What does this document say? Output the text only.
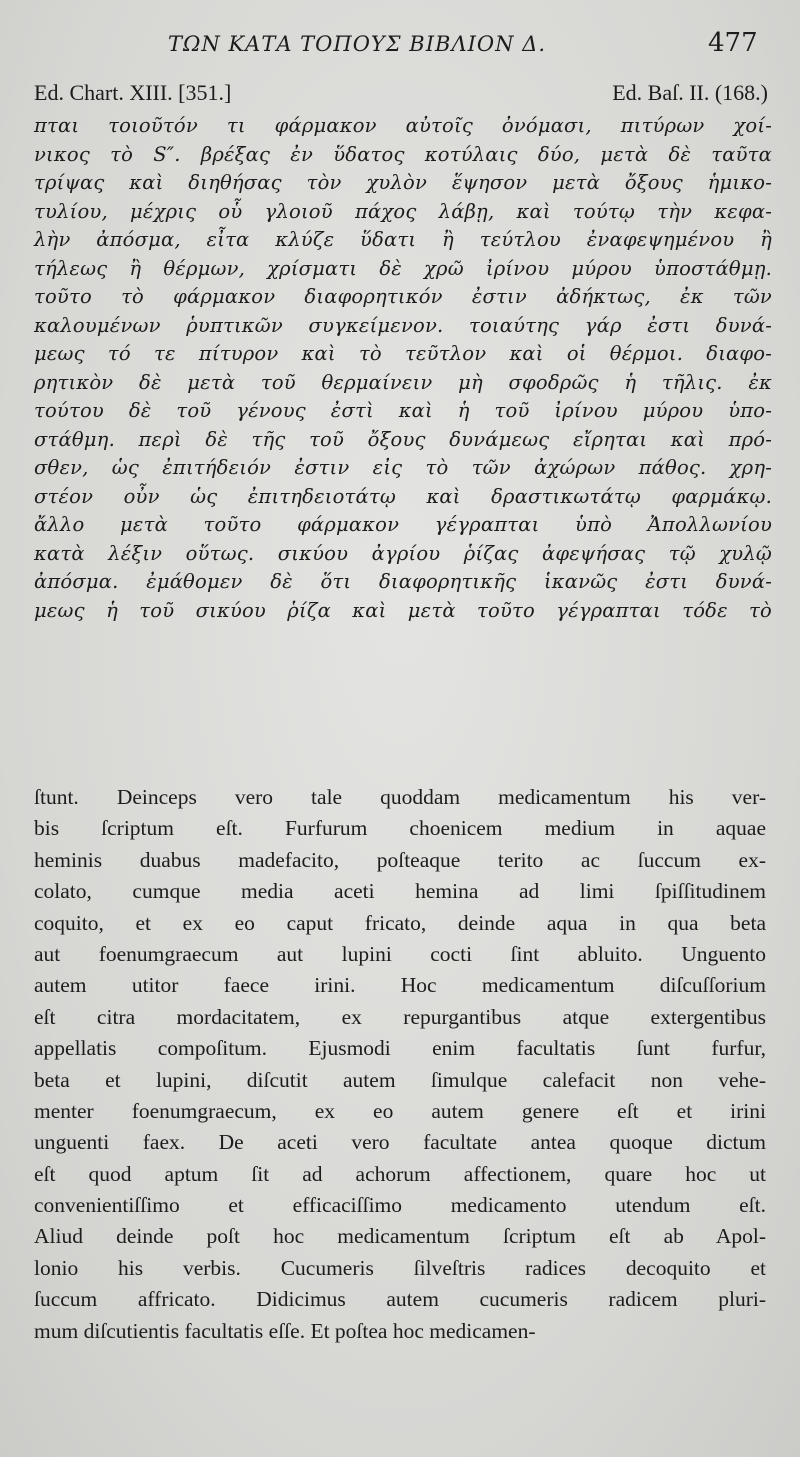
ΤΩΝ ΚΑΤΑ ΤΟΠΟΥΣ ΒΙΒΛΙΟΝ Δ.	477
Ed. Chart. XIII. [351.]	Ed. Baſ. II. (168.)
πται τοιοῦτόν τι φάρμακον αὐτοῖς ὀνόμασι, πιτύρων χοί-
νικος τὸ S″. βρέξας ἐν ὕδατος κοτύλαις δύο, μετὰ δὲ ταῦτα
τρίψας καὶ διηθήσας τὸν χυλὸν ἕψησον μετὰ ὄξους ἡμικο-
τυλίου, μέχρις οὗ γλοιοῦ πάχος λάβῃ, καὶ τούτῳ τὴν κεφα-
λὴν ἀπόσμα, εἶτα κλύζε ὕδατι ἢ τεύτλου ἐναφεψημένου ἢ
τήλεως ἢ θέρμων, χρίσματι δὲ χρῶ ἰρίνου μύρου ὑποστάθμῃ.
τοῦτο τὸ φάρμακον διαφορητικόν ἐστιν ἀδήκτως, ἐκ τῶν
καλουμένων ῥυπτικῶν συγκείμενον. τοιαύτης γάρ ἐστι δυνά-
μεως τό τε πίτυρον καὶ τὸ τεῦτλον καὶ οἱ θέρμοι. διαφο-
ρητικὸν δὲ μετὰ τοῦ θερμαίνειν μὴ σφοδρῶς ἡ τῆλις. ἐκ
τούτου δὲ τοῦ γένους ἐστὶ καὶ ἡ τοῦ ἰρίνου μύρου ὑπο-
στάθμη. περὶ δὲ τῆς τοῦ ὄξους δυνάμεως εἴρηται καὶ πρό-
σθεν, ὡς ἐπιτήδειόν ἐστιν εἰς τὸ τῶν ἀχώρων πάθος. χρη-
στέον οὖν ὡς ἐπιτηδειοτάτῳ καὶ δραστικωτάτῳ φαρμάκῳ.
ἄλλο μετὰ τοῦτο φάρμακον γέγραπται ὑπὸ Ἀπολλωνίου
κατὰ λέξιν οὕτως. σικύου ἀγρίου ῥίζας ἀφεψήσας τῷ χυλῷ
ἀπόσμα. ἐμάθομεν δὲ ὅτι διαφορητικῆς ἱκανῶς ἐστι δυνά-
μεως ἡ τοῦ σικύου ῥίζα καὶ μετὰ τοῦτο γέγραπται τόδε τὸ
ſtunt. Deinceps vero tale quoddam medicamentum his ver-
bis ſcriptum eſt. Furfurum choenicem medium in aquae
heminis duabus madefacito, poſteaque terito ac ſuccum ex-
colato, cumque media aceti hemina ad limi ſpiſſitudinem
coquito, et ex eo caput fricato, deinde aqua in qua beta
aut foenumgraecum aut lupini cocti ſint abluito. Unguento
autem utitor faece irini. Hoc medicamentum diſcuſſorium
eſt citra mordacitatem, ex repurgantibus atque extergentibus
appellatis compoſitum. Ejusmodi enim facultatis ſunt furfur,
beta et lupini, diſcutit autem ſimulque calefacit non vehe-
menter foenumgraecum, ex eo autem genere eſt et irini
unguenti faex. De aceti vero facultate antea quoque dictum
eſt quod aptum ſit ad achorum affectionem, quare hoc ut
convenientiſſimo et efficaciſſimo medicamento utendum eſt.
Aliud deinde poſt hoc medicamentum ſcriptum eſt ab Apol-
lonio his verbis. Cucumeris ſilveſtris radices decoquito et
ſuccum affricato. Didicimus autem cucumeris radicem pluri-
mum diſcutientis facultatis eſſe. Et poſtea hoc medicamen-
